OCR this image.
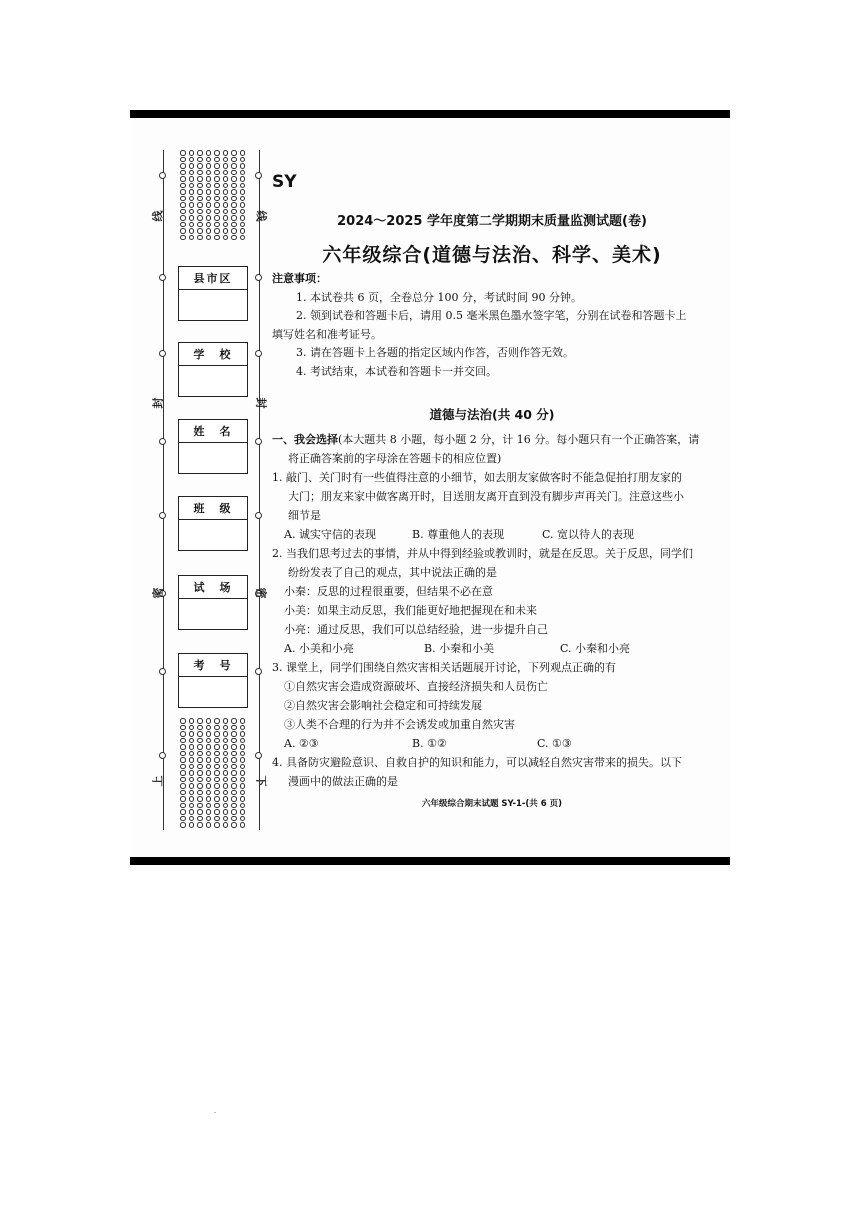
线	线
封	封
密	密
上	下
县市区
学　校
姓　名
班　级
试　场
考　号
SY
2024～2025 学年度第二学期期末质量监测试题(卷)
六年级综合(道德与法治、科学、美术)
注意事项：
1. 本试卷共 6 页，全卷总分 100 分，考试时间 90 分钟。
2. 领到试卷和答题卡后，请用 0.5 毫米黑色墨水签字笔，分别在试卷和答题卡上
填写姓名和准考证号。
3. 请在答题卡上各题的指定区域内作答，否则作答无效。
4. 考试结束，本试卷和答题卡一并交回。
道德与法治(共 40 分)
一、我会选择(本大题共 8 小题，每小题 2 分，计 16 分。每小题只有一个正确答案，请
将正确答案前的字母涂在答题卡的相应位置)
1. 敲门、关门时有一些值得注意的小细节，如去朋友家做客时不能急促拍打朋友家的
大门；朋友来家中做客离开时，目送朋友离开直到没有脚步声再关门。注意这些小
细节是
A. 诚实守信的表现	B. 尊重他人的表现	C. 宽以待人的表现
2. 当我们思考过去的事情，并从中得到经验或教训时，就是在反思。关于反思，同学们
纷纷发表了自己的观点，其中说法正确的是
小秦：反思的过程很重要，但结果不必在意
小美：如果主动反思，我们能更好地把握现在和未来
小亮：通过反思，我们可以总结经验，进一步提升自己
A. 小美和小亮	B. 小秦和小美	C. 小秦和小亮
3. 课堂上，同学们围绕自然灾害相关话题展开讨论，下列观点正确的有
①自然灾害会造成资源破坏、直接经济损失和人员伤亡
②自然灾害会影响社会稳定和可持续发展
③人类不合理的行为并不会诱发或加重自然灾害
A. ②③	B. ①②	C. ①③
4. 具备防灾避险意识、自救自护的知识和能力，可以减轻自然灾害带来的损失。以下
漫画中的做法正确的是
六年级综合期末试题 SY-1-(共 6 页)
